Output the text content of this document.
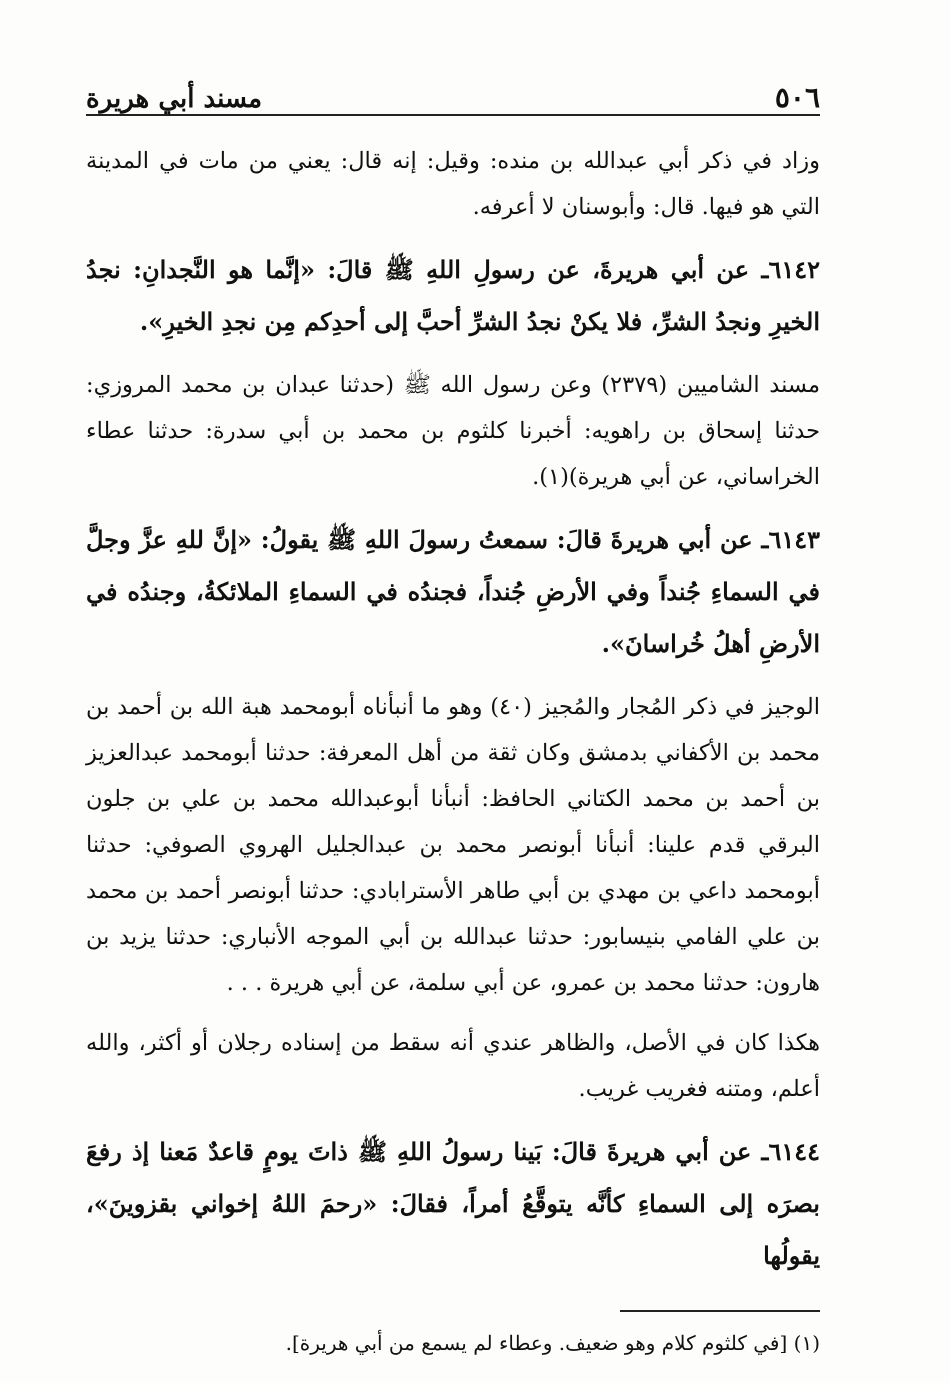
٥٠٦
مسند أبي هريرة

وزاد في ذكر أبي عبدالله بن منده: وقيل: إنه قال: يعني من مات في المدينة التي هو فيها. قال: وأبوسنان لا أعرفه.

٦١٤٢ـ عن أبي هريرةَ، عن رسولِ اللهِ ﷺ قالَ: «إنَّما هو النَّجدانِ: نجدُ الخيرِ ونجدُ الشرِّ، فلا يكنْ نجدُ الشرِّ أحبَّ إلى أحدِكم مِن نجدِ الخيرِ».

مسند الشاميين (٢٣٧٩) وعن رسول الله ﷺ (حدثنا عبدان بن محمد المروزي: حدثنا إسحاق بن راهويه: أخبرنا كلثوم بن محمد بن أبي سدرة: حدثنا عطاء الخراساني، عن أبي هريرة)(١).

٦١٤٣ـ عن أبي هريرةَ قالَ: سمعتُ رسولَ اللهِ ﷺ يقولُ: «إنَّ للهِ عزَّ وجلَّ في السماءِ جُنداً وفي الأرضِ جُنداً، فجندُه في السماءِ الملائكةُ، وجندُه في الأرضِ أهلُ خُراسانَ».

الوجيز في ذكر المُجار والمُجيز (٤٠) وهو ما أنبأناه أبومحمد هبة الله بن أحمد بن محمد بن الأكفاني بدمشق وكان ثقة من أهل المعرفة: حدثنا أبومحمد عبدالعزيز بن أحمد بن محمد الكتاني الحافظ: أنبأنا أبوعبدالله محمد بن علي بن جلون البرقي قدم علينا: أنبأنا أبونصر محمد بن عبدالجليل الهروي الصوفي: حدثنا أبومحمد داعي بن مهدي بن أبي طاهر الأسترابادي: حدثنا أبونصر أحمد بن محمد بن علي الفامي بنيسابور: حدثنا عبدالله بن أبي الموجه الأنباري: حدثنا يزيد بن هارون: حدثنا محمد بن عمرو، عن أبي سلمة، عن أبي هريرة . . .

هكذا كان في الأصل، والظاهر عندي أنه سقط من إسناده رجلان أو أكثر، والله أعلم، ومتنه فغريب غريب.

٦١٤٤ـ عن أبي هريرةَ قالَ: بَينا رسولُ اللهِ ﷺ ذاتَ يومٍ قاعدٌ مَعنا إذ رفعَ بصرَه إلى السماءِ كأنَّه يتوقَّعُ أمراً، فقالَ: «رحمَ اللهُ إخواني بقزوينَ»، يقولُها

(١) [في كلثوم كلام وهو ضعيف. وعطاء لم يسمع من أبي هريرة].
